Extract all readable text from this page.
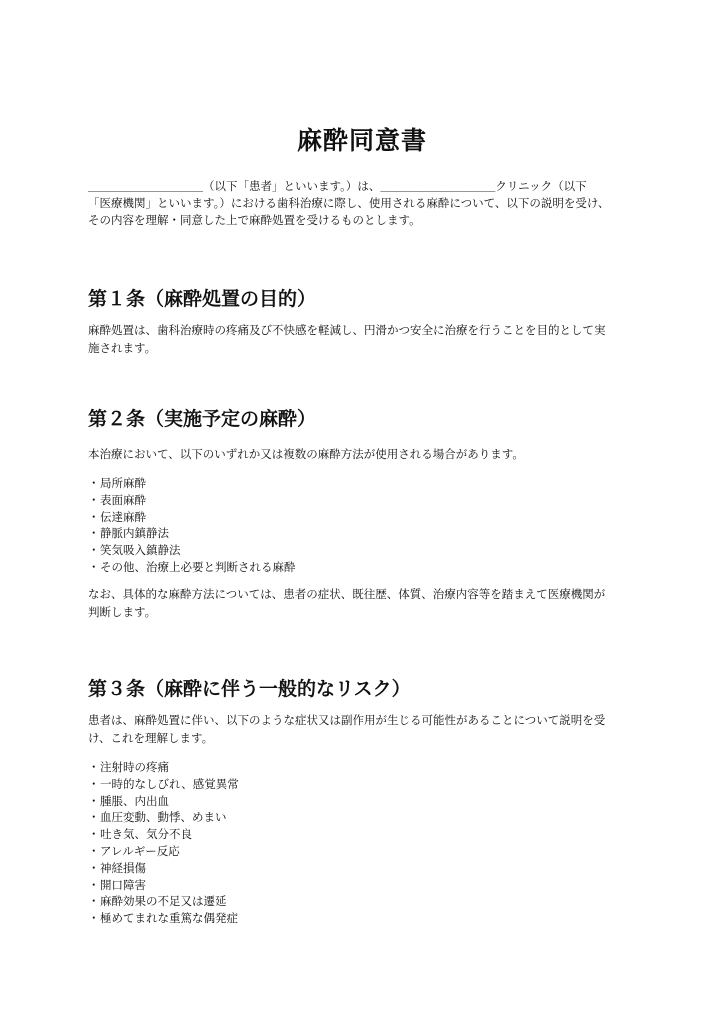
麻酔同意書

＿＿＿＿＿＿＿＿＿＿（以下「患者」といいます。）は、＿＿＿＿＿＿＿＿＿＿クリニック（以下
「医療機関」といいます。）における歯科治療に際し、使用される麻酔について、以下の説明を受け、
その内容を理解・同意した上で麻酔処置を受けるものとします。

第１条（麻酔処置の目的）

麻酔処置は、歯科治療時の疼痛及び不快感を軽減し、円滑かつ安全に治療を行うことを目的として実
施されます。

第２条（実施予定の麻酔）

本治療において、以下のいずれか又は複数の麻酔方法が使用される場合があります。

・局所麻酔
・表面麻酔
・伝達麻酔
・静脈内鎮静法
・笑気吸入鎮静法
・その他、治療上必要と判断される麻酔

なお、具体的な麻酔方法については、患者の症状、既往歴、体質、治療内容等を踏まえて医療機関が
判断します。

第３条（麻酔に伴う一般的なリスク）

患者は、麻酔処置に伴い、以下のような症状又は副作用が生じる可能性があることについて説明を受
け、これを理解します。

・注射時の疼痛
・一時的なしびれ、感覚異常
・腫脹、内出血
・血圧変動、動悸、めまい
・吐き気、気分不良
・アレルギー反応
・神経損傷
・開口障害
・麻酔効果の不足又は遷延
・極めてまれな重篤な偶発症
